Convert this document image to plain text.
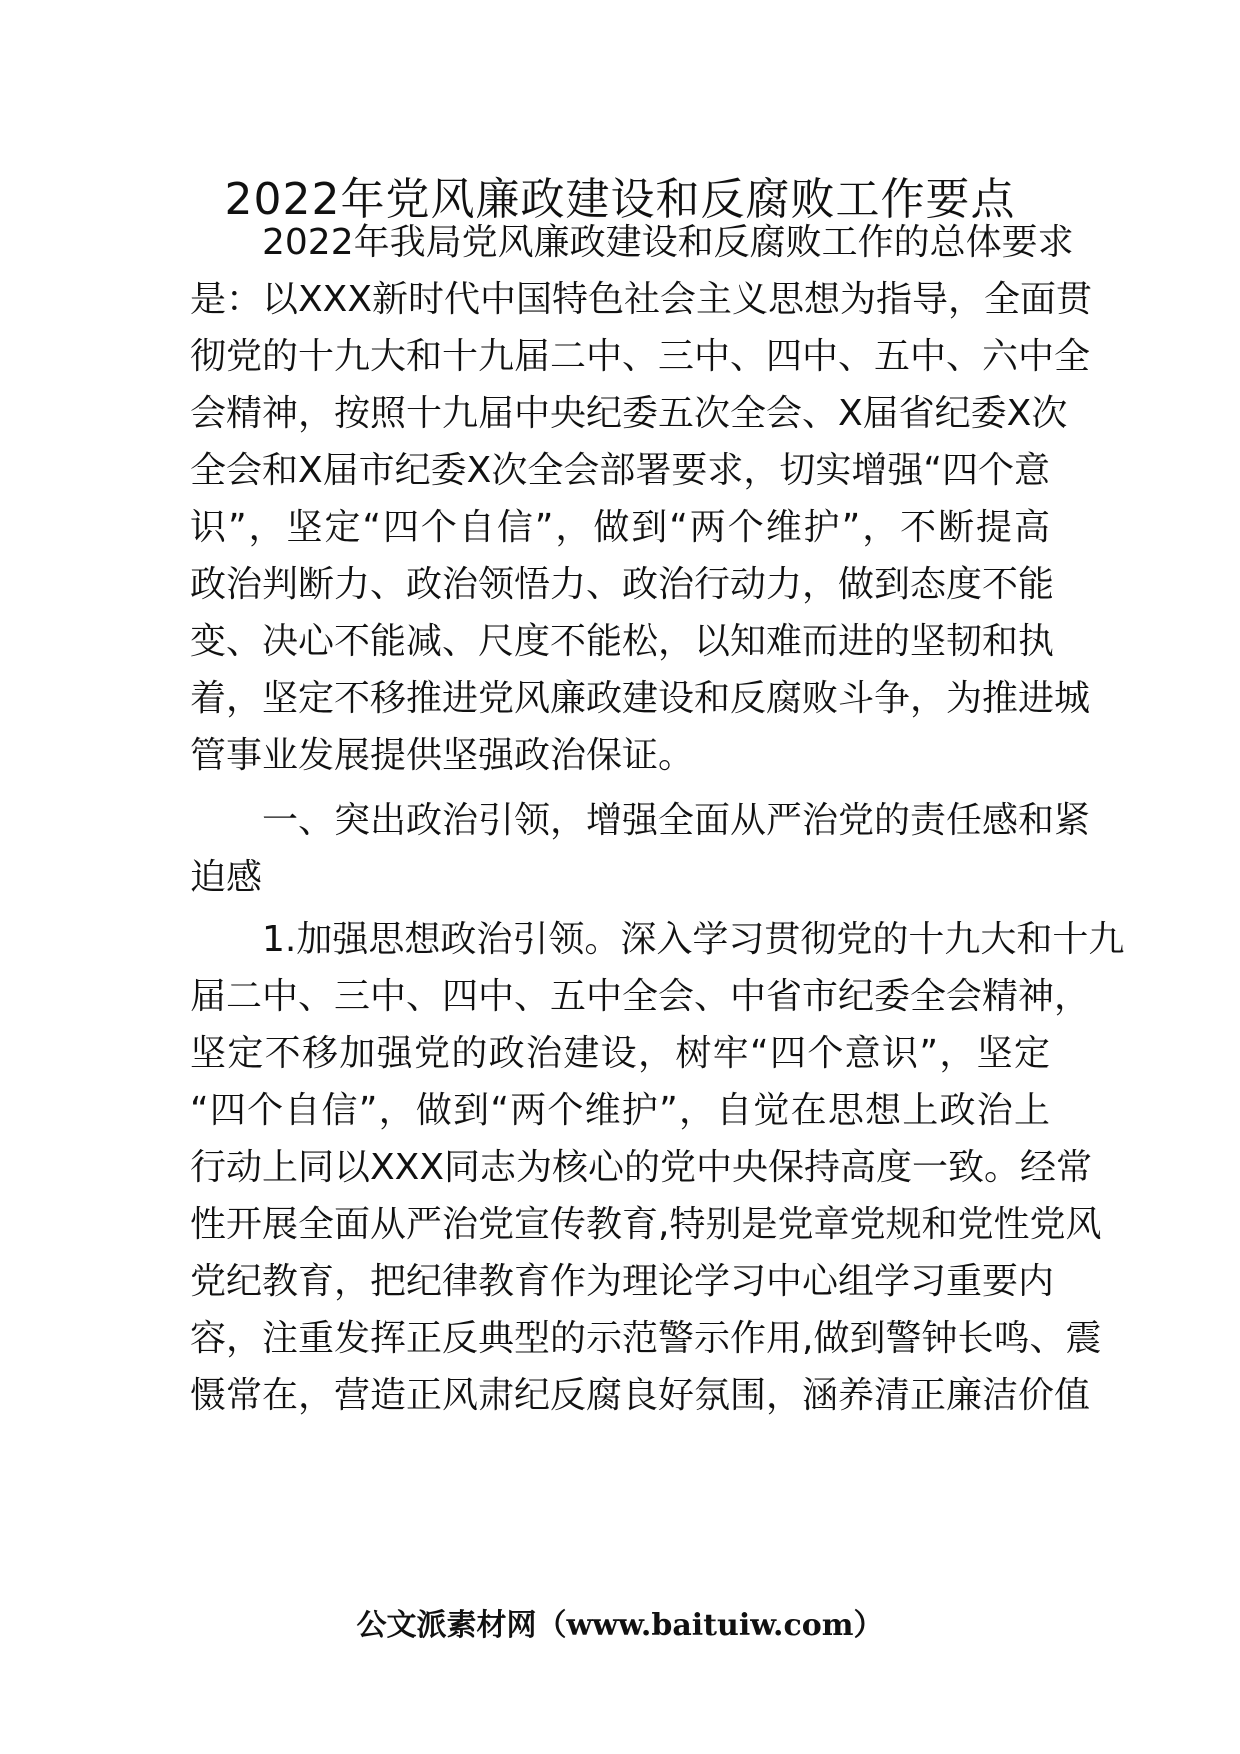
2022年党风廉政建设和反腐败工作要点
2022年我局党风廉政建设和反腐败工作的总体要求
是：以XXX新时代中国特色社会主义思想为指导，全面贯
彻党的十九大和十九届二中、三中、四中、五中、六中全
会精神，按照十九届中央纪委五次全会、X届省纪委X次
全会和X届市纪委X次全会部署要求，切实增强“四个意
识”，坚定“四个自信”，做到“两个维护”，不断提高
政治判断力、政治领悟力、政治行动力，做到态度不能
变、决心不能减、尺度不能松，以知难而进的坚韧和执
着，坚定不移推进党风廉政建设和反腐败斗争，为推进城
管事业发展提供坚强政治保证。
一、突出政治引领，增强全面从严治党的责任感和紧
迫感
1.加强思想政治引领。深入学习贯彻党的十九大和十九
届二中、三中、四中、五中全会、中省市纪委全会精神，
坚定不移加强党的政治建设，树牢“四个意识”，坚定
“四个自信”，做到“两个维护”，自觉在思想上政治上
行动上同以XXX同志为核心的党中央保持高度一致。经常
性开展全面从严治党宣传教育,特别是党章党规和党性党风
党纪教育，把纪律教育作为理论学习中心组学习重要内
容，注重发挥正反典型的示范警示作用,做到警钟长鸣、震
慑常在，营造正风肃纪反腐良好氛围，涵养清正廉洁价值
公文派素材网（www.baituiw.com）
